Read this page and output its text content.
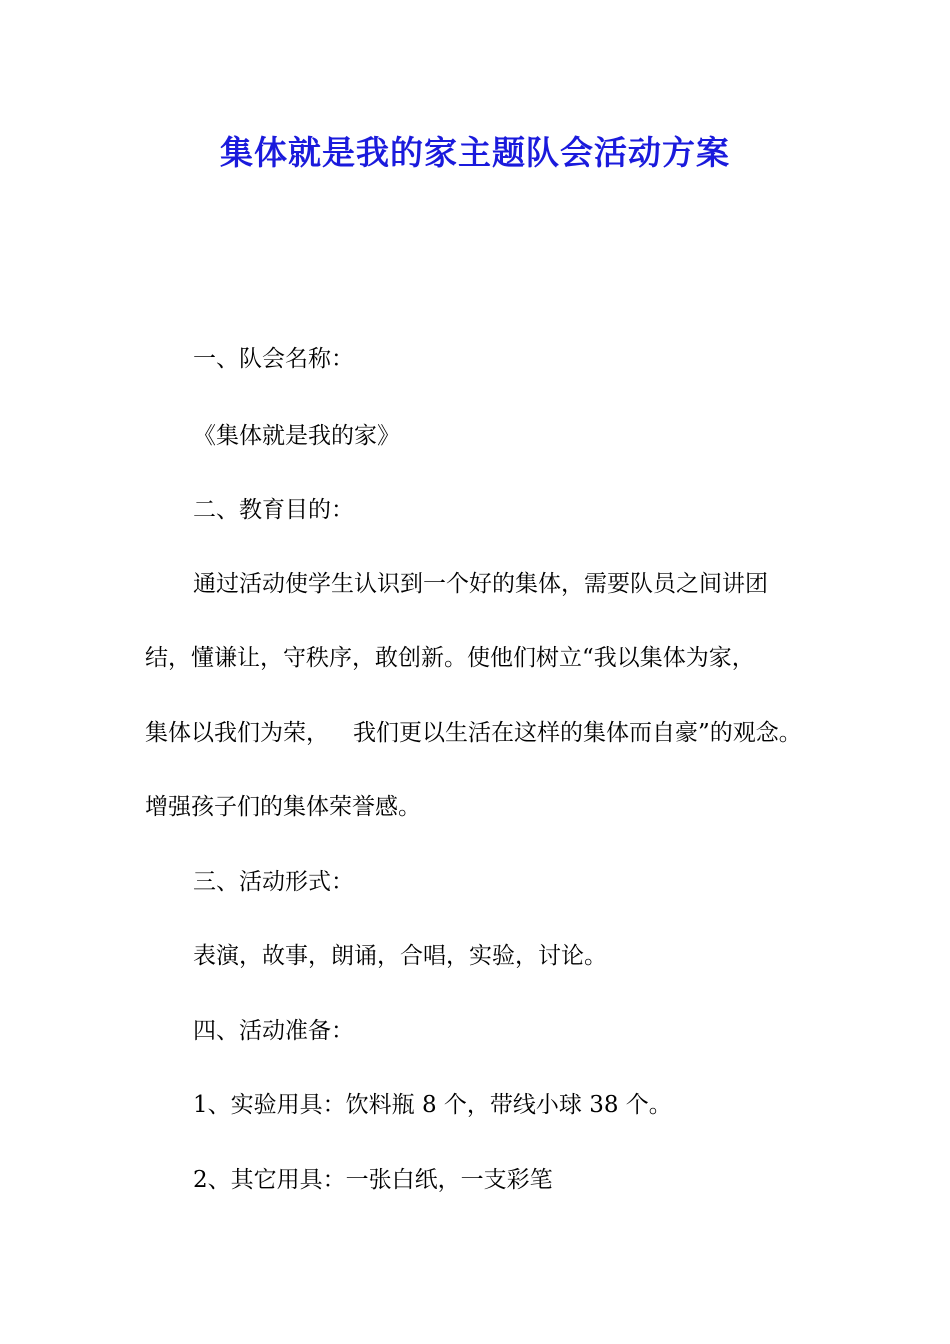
集体就是我的家主题队会活动方案
一、队会名称：
《集体就是我的家》
二、教育目的：
通过活动使学生认识到一个好的集体，需要队员之间讲团
结，懂谦让，守秩序，敢创新。使他们树立“我以集体为家，
集体以我们为荣， 我们更以生活在这样的集体而自豪”的观念。
增强孩子们的集体荣誉感。
三、活动形式：
表演，故事，朗诵，合唱，实验，讨论。
四、活动准备：
1、实验用具：饮料瓶 8 个，带线小球 38 个。
2、其它用具：一张白纸，一支彩笔
